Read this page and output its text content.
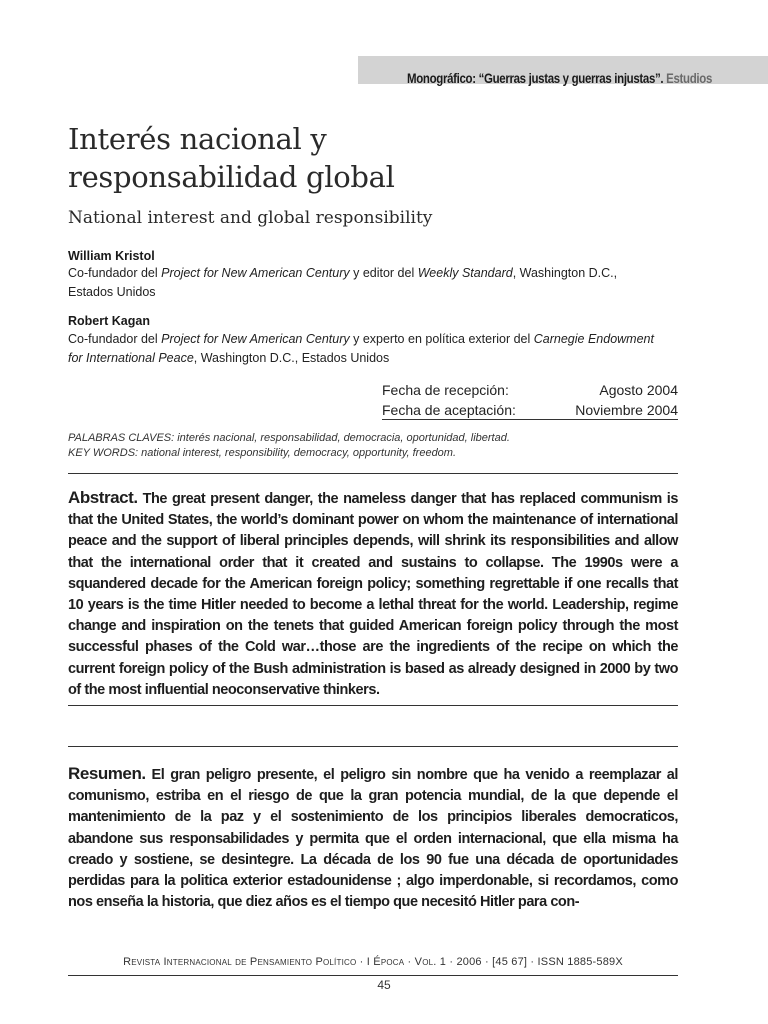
Monográfico: “Guerras justas y guerras injustas”. Estudios
Interés nacional y
responsabilidad global
National interest and global responsibility
William Kristol
Co-fundador del Project for New American Century y editor del Weekly Standard, Washington D.C., Estados Unidos
Robert Kagan
Co-fundador del Project for New American Century y experto en política exterior del Carnegie Endowment for International Peace, Washington D.C., Estados Unidos
Fecha de recepción:	Agosto 2004
Fecha de aceptación:	Noviembre 2004
PALABRAS CLAVES: interés nacional, responsabilidad, democracia, oportunidad, libertad.
KEY WORDS: national interest, responsibility, democracy, opportunity, freedom.
Abstract. The great present danger, the nameless danger that has replaced communism is that the United States, the world’s dominant power on whom the maintenance of international peace and the support of liberal principles depends, will shrink its responsibilities and allow that the international order that it created and sustains to collapse. The 1990s were a squandered decade for the American foreign policy; something regrettable if one recalls that 10 years is the time Hitler needed to become a lethal threat for the world. Leadership, regime change and inspiration on the tenets that guided American foreign policy through the most successful phases of the Cold war…those are the ingredients of the recipe on which the current foreign policy of the Bush administration is based as already designed in 2000 by two of the most influential neoconservative thinkers.
Resumen. El gran peligro presente, el peligro sin nombre que ha venido a reemplazar al comunismo, estriba en el riesgo de que la gran potencia mundial, de la que depende el mantenimiento de la paz y el sostenimiento de los principios liberales democraticos, abandone sus responsabilidades y permita que el orden internacional, que ella misma ha creado y sostiene, se desintegre. La década de los 90 fue una década de oportunidades perdidas para la politica exterior estadounidense ; algo imperdonable, si recordamos, como nos enseña la historia, que diez años es el tiempo que necesitó Hitler para con-
Revista Internacional de Pensamiento Político · I Época · Vol. 1 · 2006 · [45 67] · ISSN 1885-589X
45
